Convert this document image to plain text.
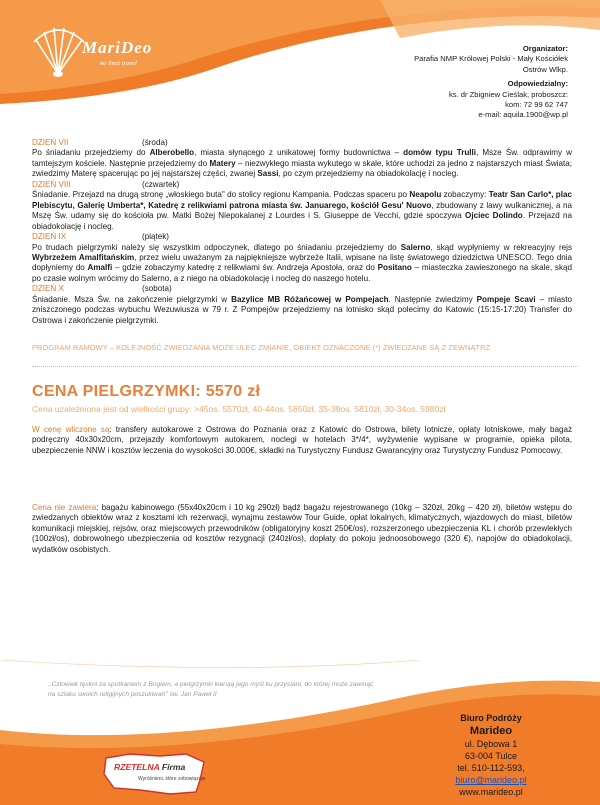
MariDeo
no limit travel
Organizator:
Parafia NMP Królowej Polski - Mały Kościółek
Ostrów Wlkp.
Odpowiedzialny:
ks. dr Zbigniew Cieślak, proboszcz:
kom: 72 99 62 747
e-mail: aquila.1900@wp.pl
DZIEŃ VII	(środa)

Po śniadaniu przejedziemy do Alberobello, miasta słynącego z unikatowej formy budownictwa – domów typu Trulli, Msze Św. odprawimy w tamtejszym kościele. Następnie przejedziemy do Matery – niezwykłego miasta wykutego w skale, które uchodzi za jedno z najstarszych miast Świata; zwiedzimy Materę spacerując po jej najstarszej części, zwanej Sassi, po czym przejedziemy na obiadokolację i nocleg.

DZIEŃ VIII	(czwartek)

Śniadanie. Przejazd na drugą stronę „włoskiego buta" do stolicy regionu Kampania. Podczas spaceru po Neapolu zobaczymy: Teatr San Carlo*, plac Plebiscytu, Galerię Umberta*, Katedrę z relikwiami patrona miasta św. Januarego, kościół Gesu' Nuovo, zbudowany z lawy wulkanicznej, a na Mszę Św. udamy się do kościoła pw. Matki Bożej Niepokalanej z Lourdes i S. Giuseppe de Vecchi, gdzie spoczywa Ojciec Dolindo. Przejazd na obiadokolację i nocleg.

DZIEŃ IX	(piątek)

Po trudach pielgrzymki należy się wszystkim odpoczynek, dlatego po śniadaniu przejedziemy do Salerno, skąd wypłyniemy w rekreacyjny rejs Wybrzeżem Amalfitańskim, przez wielu uważanym za najpiękniejsze wybrzeże Italii, wpisane na listę światowego dziedzictwa UNESCO. Tego dnia dopłyniemy do Amalfi – gdzie zobaczymy katedrę z relikwiami św. Andrzeja Apostoła, oraz do Positano – miasteczka zawieszonego na skale, skąd po czasie wolnym wrócimy do Salerno, a z niego na obiadokolację i nocleg do naszego hotelu.

DZIEŃ X	(sobota)

Śniadanie. Msza Św. na zakończenie pielgrzymki w Bazylice MB Różańcowej w Pompejach. Następnie zwiedzimy Pompeje Scavi – miasto zniszczonego podczas wybuchu Wezuwiusza w 79 r. Z Pompejów przejedziemy na lotnisko skąd polecimy do Katowic (15:15-17:20) Transfer do Ostrowa i zakończenie pielgrzymki.

PROGRAM RAMOWY – KOLEJNOŚĆ ZWIEDZANIA MOŻE ULEC ZMIANIE, OBIEKT OZNACZONE (*) ZWIEDZANE SĄ Z ZEWNĄTRZ
CENA PIELGRZYMKI: 5570 zł
Cena uzależniona jest od wielkości grupy: >45os. 5570zł, 40-44os. 5650zł, 35-39os. 5810zł, 30-34os. 5980zł
W cenę wliczone są: transfery autokarowe z Ostrowa do Poznania oraz z Katowic do Ostrowa, bilety lotnicze, opłaty lotniskowe, mały bagaż podręczny 40x30x20cm, przejazdy komfortowym autokarem, noclegi w hotelach 3*/4*, wyżywienie wypisane w programie, opieka pilota, ubezpieczenie NNW i kosztów leczenia do wysokości 30.000€, składki na Turystyczny Fundusz Gwarancyjny oraz Turystyczny Fundusz Pomocowy.
Cena nie zawiera: bagażu kabinowego (55x40x20cm i 10 kg 290zł) bądź bagażu rejestrowanego (10kg – 320zł, 20kg – 420 zł), biletów wstępu do zwiedzanych obiektów wraz z kosztami ich rezerwacji, wynajmu zestawów Tour Guide, opłat lokalnych, klimatycznych, wjazdowych do miast, biletów komunikacji miejskiej, rejsów, oraz miejscowych przewodników (obligatoryjny koszt 250€/os), rozszerzonego ubezpieczenia KL i chorób przewlekłych (100zł/os), dobrowolnego ubezpieczenia od kosztów rezygnacji (240zł/os), dopłaty do pokoju jednoosobowego (320 €), napojów do obiadokolacji, wydatków osobistych.
.,Człowiek tęskni za spotkaniem z Bogiem, a pielgrzymki kierują jego myśl ku przystani, do której może zawinąć na szlaku swoich religijnych poszukiwań" św. Jan Paweł II
RZETELNA Firma
Wyróżnieni, które zobowiązuje
Biuro Podróży
Marideo
ul. Dębowa 1
63-004 Tulce
tel. 510-112-593,
biuro@marideo.pl
www.marideo.pl
